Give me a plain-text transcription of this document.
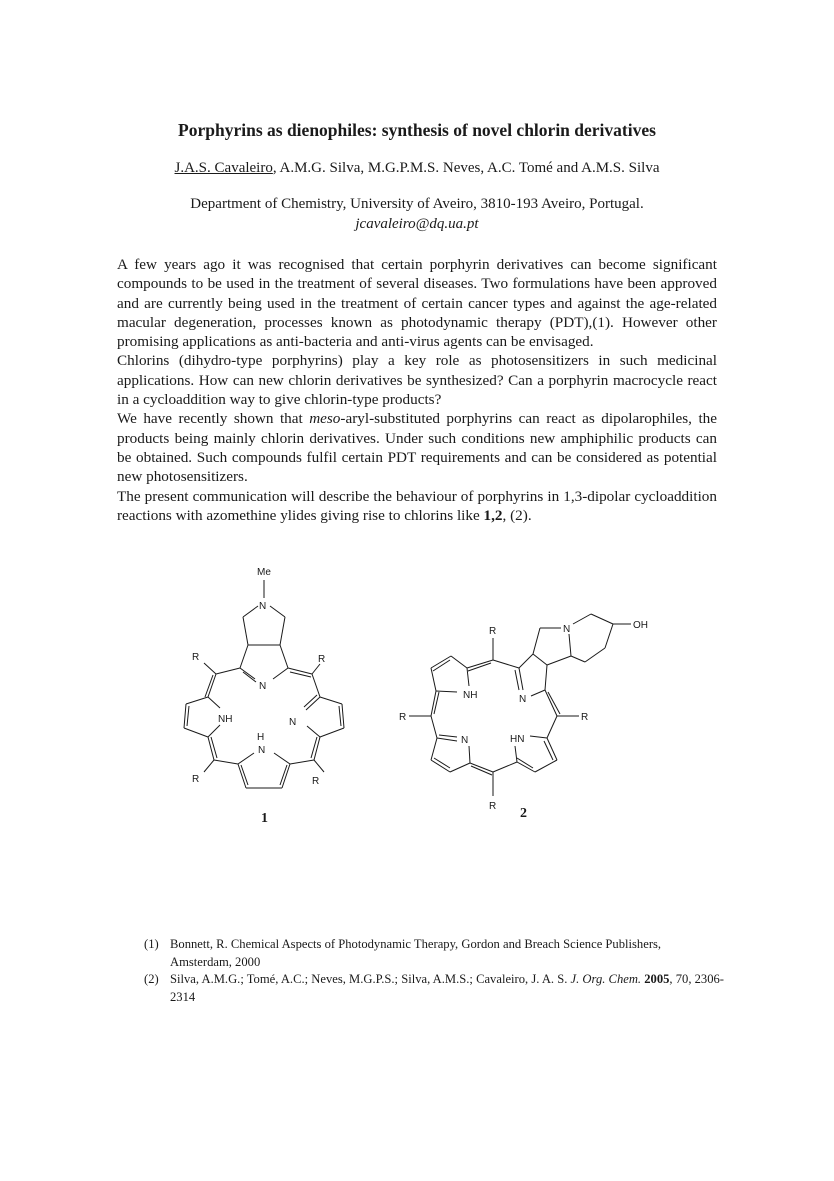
Porphyrins as dienophiles: synthesis of novel chlorin derivatives
J.A.S. Cavaleiro, A.M.G. Silva, M.G.P.M.S. Neves, A.C. Tomé and A.M.S. Silva
Department of Chemistry, University of Aveiro, 3810-193 Aveiro, Portugal.
jcavaleiro@dq.ua.pt

A few years ago it was recognised that certain porphyrin derivatives can become significant compounds to be used in the treatment of several diseases. Two formulations have been approved and are currently being used in the treatment of certain cancer types and against the age-related macular degeneration, processes known as photodynamic therapy (PDT),(1). However other promising applications as anti-bacteria and anti-virus agents can be envisaged.

Chlorins (dihydro-type porphyrins) play a key role as photosensitizers in such medicinal applications. How can new chlorin derivatives be synthesized? Can a porphyrin macrocycle react in a cycloaddition way to give chlorin-type products?

We have recently shown that meso-aryl-substituted porphyrins can react as dipolarophiles, the products being mainly chlorin derivatives. Under such conditions new amphiphilic products can be obtained. Such compounds fulfil certain PDT requirements and can be considered as potential new photosensitizers.

The present communication will describe the behaviour of porphyrins in 1,3-dipolar cycloaddition reactions with azomethine ylides giving rise to chlorins like 1,2, (2).

Me
N
N
R	R
NH	N
R	R
H
N
1
R
NH
R
N
R
HN
R
N
N	OH
2
(1) Bonnett, R. Chemical Aspects of Photodynamic Therapy, Gordon and Breach Science Publishers, Amsterdam, 2000
(2) Silva, A.M.G.; Tomé, A.C.; Neves, M.G.P.S.; Silva, A.M.S.; Cavaleiro, J. A. S. J. Org. Chem. 2005, 70, 2306-2314
